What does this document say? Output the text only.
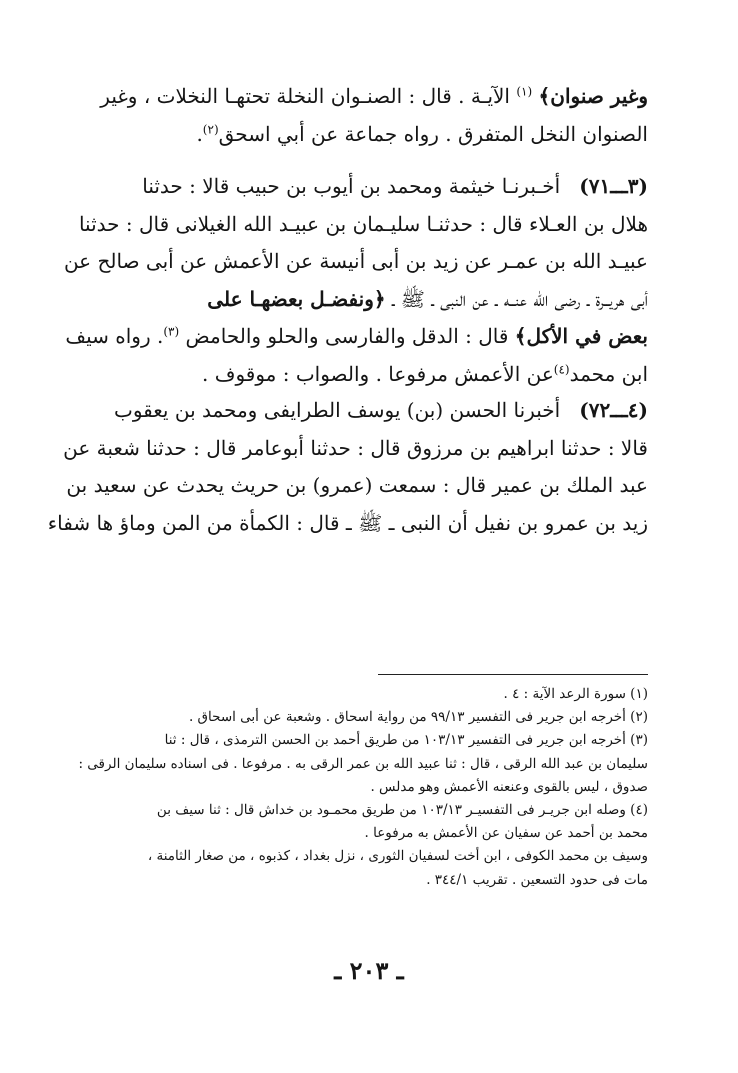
وغير صنوان﴾ $^{(١)}$ الآيـة . قال : الصنـوان النخلة تحتهـا النخلات ، وغير
الصنوان النخل المتفرق . رواه جماعة عن أبي اسحق$^{(٢)}$.
(٣ـــ٧١)   أخـبرنـا خيثمة ومحمد بن أيوب بن حبيب قالا : حدثنا
هلال بن العـلاء قال : حدثنـا سليـمان بن عبيـد الله الغيلانى قال : حدثنا
عبيـد الله بن عمـر عن زيد بن أبى أنيسة عن الأعمش عن أبى صالح عن
أبى هريــرة ـ رضى الله عنــه ـ عن النبى ـ ﷺ ـ ﴿ونفضـل بعضهـا على
بعض في الأكل﴾ قال : الدقل والفارسى والحلو والحامض $^{(٣)}$. رواه سيف
ابن محمد$^{(٤)}$عن الأعمش مرفوعا . والصواب : موقوف .
(٤ـــ٧٢)   أخبرنا الحسن (بن) يوسف الطرايفى ومحمد بن يعقوب
قالا : حدثنا ابراهيم بن مرزوق قال : حدثنا أبوعامر قال : حدثنا شعبة عن
عبد الملك بن عمير قال : سمعت (عمرو) بن حريث يحدث عن سعيد بن
زيد بن عمرو بن نفيل أن النبى ـ ﷺ ـ قال : الكمأة من المن وماؤ ها شفاء
(١) سورة الرعد الآية : ٤ .
(٢) أخرجه ابن جرير فى التفسير ٩٩/١٣ من رواية اسحاق . وشعبة عن أبى اسحاق .
(٣) أخرجه ابن جرير فى التفسير ١٠٣/١٣ من طريق أحمد بن الحسن الترمذى ، قال : ثنا
سليمان بن عبد الله الرقى ، قال : ثنا عبيد الله بن عمر الرقى به . مرفوعا . فى اسناده سليمان الرقى :
صدوق ، ليس بالقوى وعنعنه الأعمش وهو مدلس .
(٤) وصله ابن جريـر فى التفسيـر ١٠٣/١٣ من طريق محمـود بن خداش قال : ثنا سيف بن
محمد بن أحمد عن سفيان عن الأعمش به مرفوعا .
وسيف بن محمد الكوفى ، ابن أخت لسفيان الثورى ، نزل بغداد ، كذبوه ، من صغار الثامنة ،
مات فى حدود التسعين . تقريب ٣٤٤/١ .
ـ ٢٠٣ ـ
